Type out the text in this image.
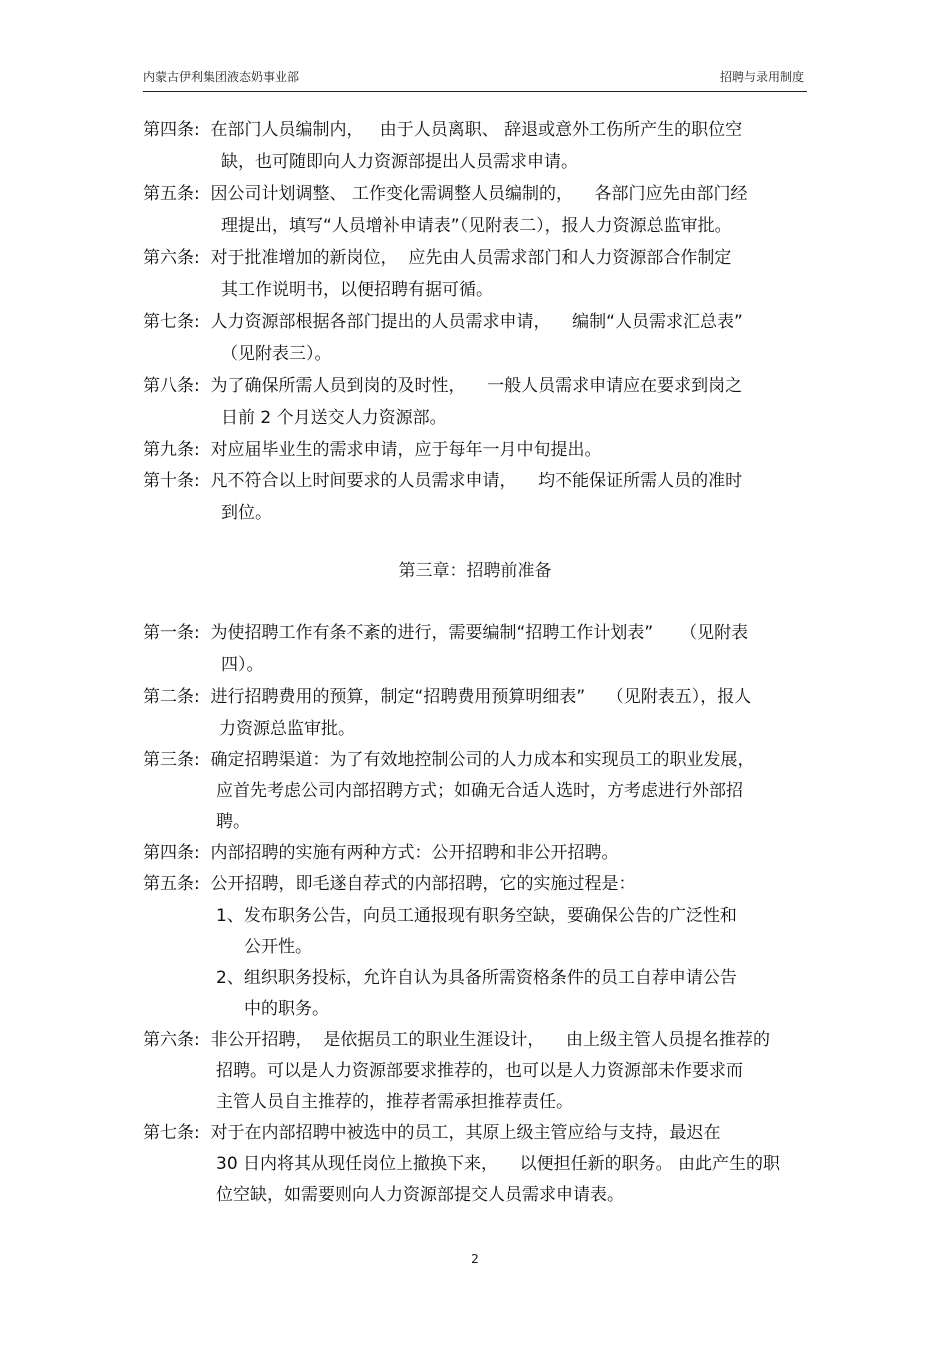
内蒙古伊利集团液态奶事业部	招聘与录用制度
第四条:  在部门人员编制内，   由于人员离职、 辞退或意外工伤所产生的职位空
缺，也可随即向人力资源部提出人员需求申请。
第五条:  因公司计划调整、 工作变化需调整人员编制的，    各部门应先由部门经
理提出，填写“人员增补申请表”（见附表二），报人力资源总监审批。
第六条:  对于批准增加的新岗位，  应先由人员需求部门和人力资源部合作制定
其工作说明书，以便招聘有据可循。
第七条:  人力资源部根据各部门提出的人员需求申请，    编制“人员需求汇总表”
（见附表三）。
第八条:  为了确保所需人员到岗的及时性，    一般人员需求申请应在要求到岗之
日前 2 个月送交人力资源部。
第九条:  对应届毕业生的需求申请，应于每年一月中旬提出。
第十条:  凡不符合以上时间要求的人员需求申请，    均不能保证所需人员的准时
到位。
第三章：招聘前准备
第一条:  为使招聘工作有条不紊的进行，需要编制“招聘工作计划表”     （见附表
四）。
第二条:  进行招聘费用的预算，制定“招聘费用预算明细表”    （见附表五），报人
力资源总监审批。
第三条:  确定招聘渠道：为了有效地控制公司的人力成本和实现员工的职业发展，
应首先考虑公司内部招聘方式；如确无合适人选时，方考虑进行外部招
聘。
第四条:  内部招聘的实施有两种方式：公开招聘和非公开招聘。
第五条:  公开招聘，即毛遂自荐式的内部招聘，它的实施过程是：
1、发布职务公告，向员工通报现有职务空缺，要确保公告的广泛性和
公开性。
2、组织职务投标，允许自认为具备所需资格条件的员工自荐申请公告
中的职务。
第六条:  非公开招聘，  是依据员工的职业生涯设计，    由上级主管人员提名推荐的
招聘。可以是人力资源部要求推荐的，也可以是人力资源部未作要求而
主管人员自主推荐的，推荐者需承担推荐责任。
第七条:  对于在内部招聘中被选中的员工，其原上级主管应给与支持，最迟在
30 日内将其从现任岗位上撤换下来，    以便担任新的职务。 由此产生的职
位空缺，如需要则向人力资源部提交人员需求申请表。
2
